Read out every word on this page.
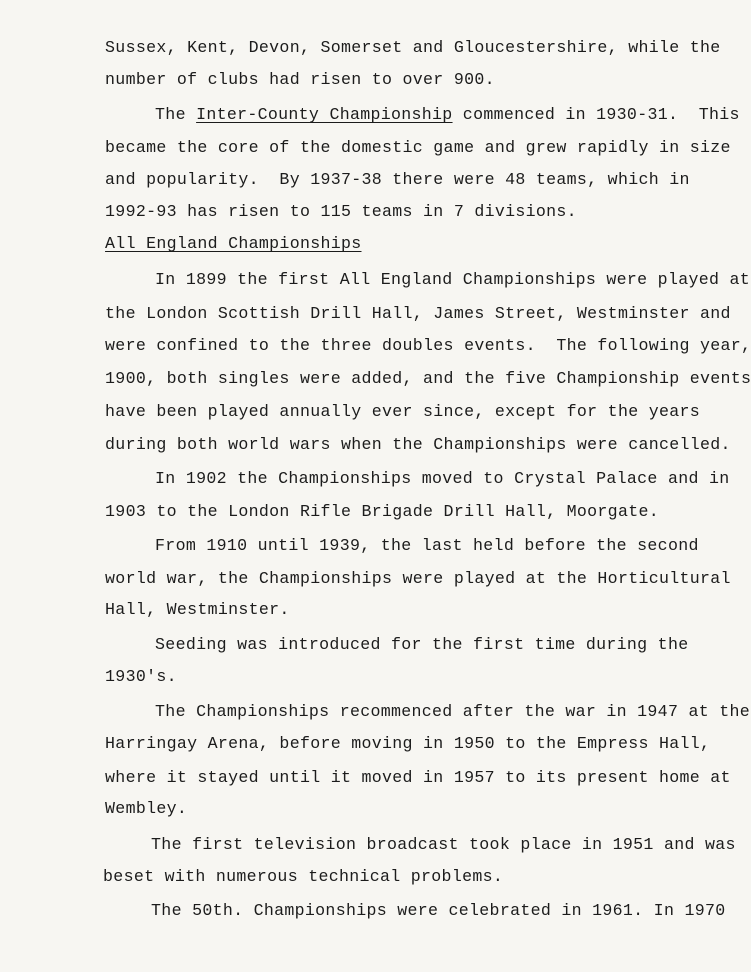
Sussex, Kent, Devon, Somerset and Gloucestershire, while the

number of clubs had risen to over 900.

The Inter-County Championship commenced in 1930-31.  This

became the core of the domestic game and grew rapidly in size

and popularity.  By 1937-38 there were 48 teams, which in

1992-93 has risen to 115 teams in 7 divisions.

All England Championships

In 1899 the first All England Championships were played at

the London Scottish Drill Hall, James Street, Westminster and

were confined to the three doubles events.  The following year,

1900, both singles were added, and the five Championship events

have been played annually ever since, except for the years

during both world wars when the Championships were cancelled.

In 1902 the Championships moved to Crystal Palace and in

1903 to the London Rifle Brigade Drill Hall, Moorgate.

From 1910 until 1939, the last held before the second

world war, the Championships were played at the Horticultural

Hall, Westminster.

Seeding was introduced for the first time during the

1930's.

The Championships recommenced after the war in 1947 at the

Harringay Arena, before moving in 1950 to the Empress Hall,

where it stayed until it moved in 1957 to its present home at

Wembley.

The first television broadcast took place in 1951 and was

beset with numerous technical problems.

The 50th. Championships were celebrated in 1961. In 1970
